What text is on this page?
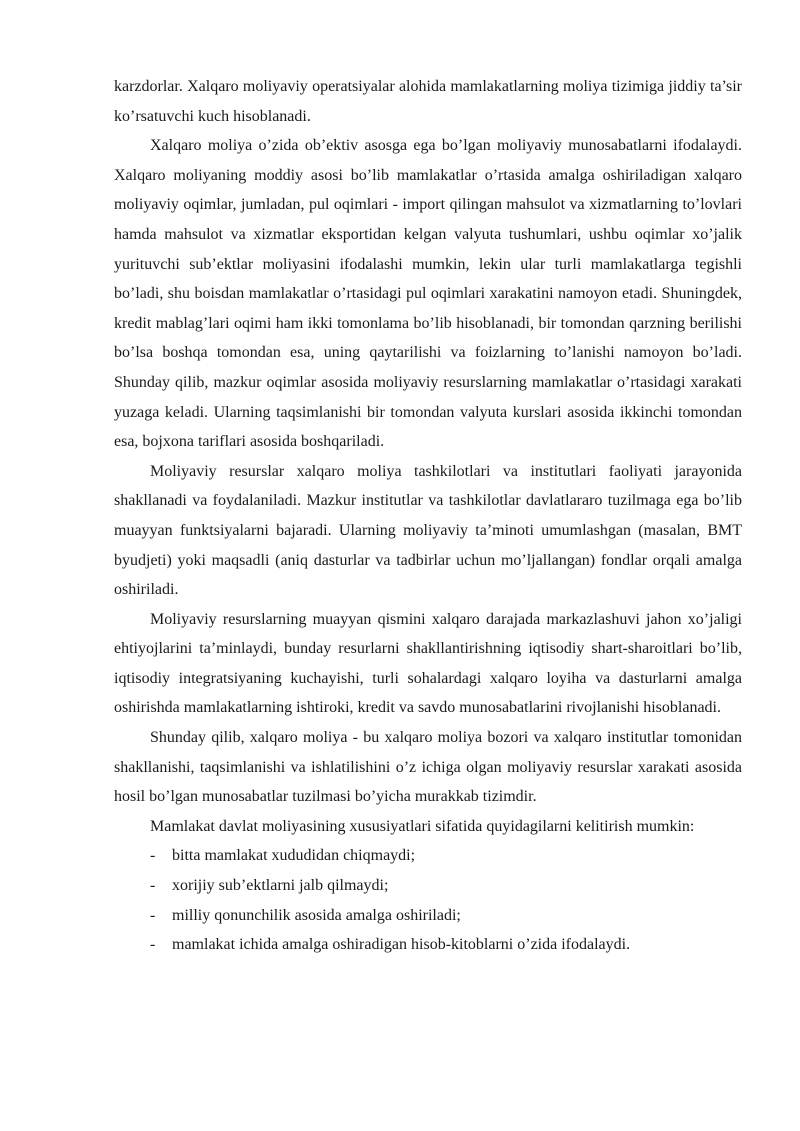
karzdorlar. Xalqaro moliyaviy operatsiyalar alohida mamlakatlarning moliya tizimiga jiddiy ta’sir ko’rsatuvchi kuch hisoblanadi.

Xalqaro moliya o’zida ob’ektiv asosga ega bo’lgan moliyaviy munosabatlarni ifodalaydi. Xalqaro moliyaning moddiy asosi bo’lib mamlakatlar o’rtasida amalga oshiriladigan xalqaro moliyaviy oqimlar, jumladan, pul oqimlari - import qilingan mahsulot va xizmatlarning to’lovlari hamda mahsulot va xizmatlar eksportidan kelgan valyuta tushumlari, ushbu oqimlar xo’jalik yurituvchi sub’ektlar moliyasini ifodalashi mumkin, lekin ular turli mamlakatlarga tegishli bo’ladi, shu boisdan mamlakatlar o’rtasidagi pul oqimlari xarakatini namoyon etadi. Shuningdek, kredit mablag’lari oqimi ham ikki tomonlama bo’lib hisoblanadi, bir tomondan qarzning berilishi bo’lsa boshqa tomondan esa, uning qaytarilishi va foizlarning to’lanishi namoyon bo’ladi. Shunday qilib, mazkur oqimlar asosida moliyaviy resurslarning mamlakatlar o’rtasidagi xarakati yuzaga keladi. Ularning taqsimlanishi bir tomondan valyuta kurslari asosida ikkinchi tomondan esa, bojxona tariflari asosida boshqariladi.

Moliyaviy resurslar xalqaro moliya tashkilotlari va institutlari faoliyati jarayonida shakllanadi va foydalaniladi. Mazkur institutlar va tashkilotlar davlatlararo tuzilmaga ega bo’lib muayyan funktsiyalarni bajaradi. Ularning moliyaviy ta’minoti umumlashgan (masalan, BMT byudjeti) yoki maqsadli (aniq dasturlar va tadbirlar uchun mo’ljallangan) fondlar orqali amalga oshiriladi.

Moliyaviy resurslarning muayyan qismini xalqaro darajada markazlashuvi jahon xo’jaligi ehtiyojlarini ta’minlaydi, bunday resurlarni shakllantirishning iqtisodiy shart-sharoitlari bo’lib, iqtisodiy integratsiyaning kuchayishi, turli sohalardagi xalqaro loyiha va dasturlarni amalga oshirishda mamlakatlarning ishtiroki, kredit va savdo munosabatlarini rivojlanishi hisoblanadi.

Shunday qilib, xalqaro moliya - bu xalqaro moliya bozori va xalqaro institutlar tomonidan shakllanishi, taqsimlanishi va ishlatilishini o’z ichiga olgan moliyaviy resurslar xarakati asosida hosil bo’lgan munosabatlar tuzilmasi bo’yicha murakkab tizimdir.

Mamlakat davlat moliyasining xususiyatlari sifatida quyidagilarni kelitirish mumkin:

-	bitta mamlakat xududidan chiqmaydi;
-	xorijiy sub’ektlarni jalb qilmaydi;
-	milliy qonunchilik asosida amalga oshiriladi;
-	mamlakat ichida amalga oshiradigan hisob-kitoblarni o’zida ifodalaydi.
